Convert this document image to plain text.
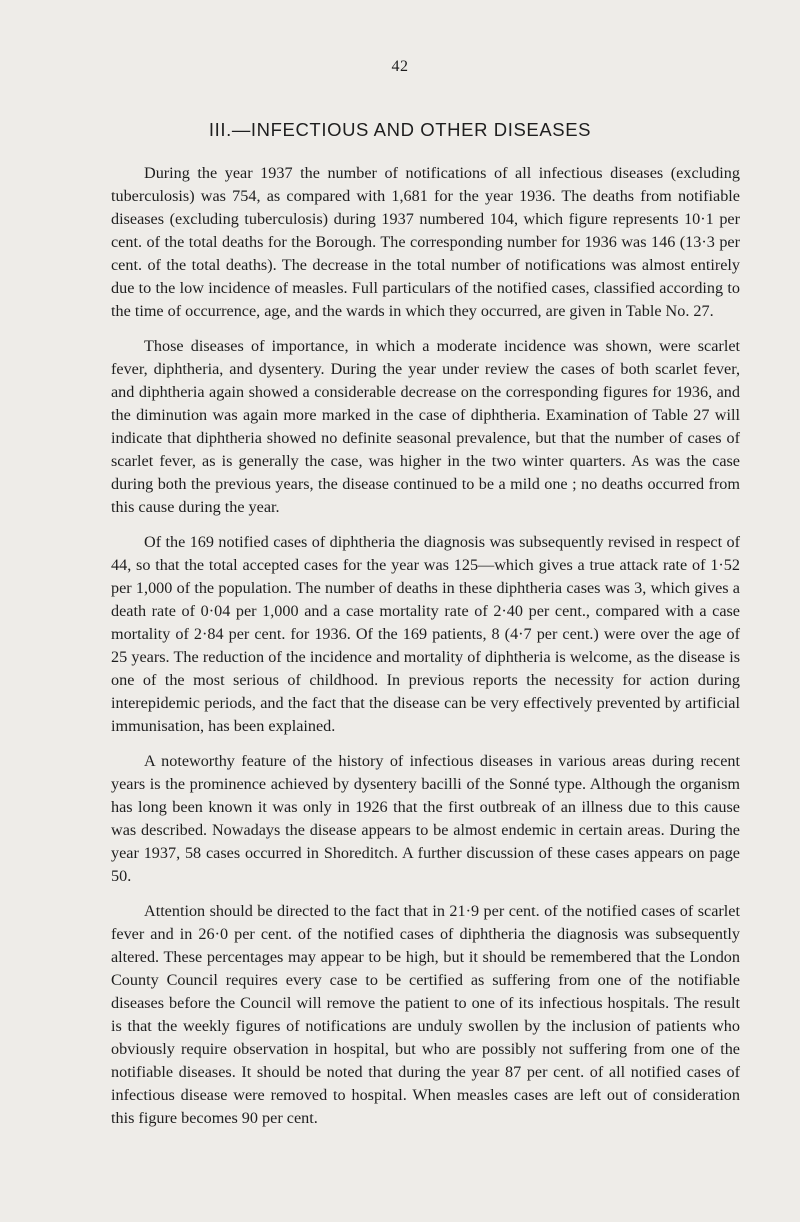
42
III.—INFECTIOUS AND OTHER DISEASES

During the year 1937 the number of notifications of all infectious diseases (excluding tuberculosis) was 754, as compared with 1,681 for the year 1936. The deaths from notifiable diseases (excluding tuberculosis) during 1937 numbered 104, which figure represents 10·1 per cent. of the total deaths for the Borough. The corresponding number for 1936 was 146 (13·3 per cent. of the total deaths). The decrease in the total number of notifications was almost entirely due to the low incidence of measles. Full particulars of the notified cases, classified according to the time of occurrence, age, and the wards in which they occurred, are given in Table No. 27.

Those diseases of importance, in which a moderate incidence was shown, were scarlet fever, diphtheria, and dysentery. During the year under review the cases of both scarlet fever, and diphtheria again showed a considerable decrease on the corresponding figures for 1936, and the diminution was again more marked in the case of diphtheria. Examination of Table 27 will indicate that diphtheria showed no definite seasonal prevalence, but that the number of cases of scarlet fever, as is generally the case, was higher in the two winter quarters. As was the case during both the previous years, the disease continued to be a mild one ; no deaths occurred from this cause during the year.

Of the 169 notified cases of diphtheria the diagnosis was subsequently revised in respect of 44, so that the total accepted cases for the year was 125—which gives a true attack rate of 1·52 per 1,000 of the population. The number of deaths in these diphtheria cases was 3, which gives a death rate of 0·04 per 1,000 and a case mortality rate of 2·40 per cent., compared with a case mortality of 2·84 per cent. for 1936. Of the 169 patients, 8 (4·7 per cent.) were over the age of 25 years. The reduction of the incidence and mortality of diphtheria is welcome, as the disease is one of the most serious of childhood. In previous reports the necessity for action during interepidemic periods, and the fact that the disease can be very effectively prevented by artificial immunisation, has been explained.

A noteworthy feature of the history of infectious diseases in various areas during recent years is the prominence achieved by dysentery bacilli of the Sonné type. Although the organism has long been known it was only in 1926 that the first outbreak of an illness due to this cause was described. Nowadays the disease appears to be almost endemic in certain areas. During the year 1937, 58 cases occurred in Shoreditch. A further discussion of these cases appears on page 50.

Attention should be directed to the fact that in 21·9 per cent. of the notified cases of scarlet fever and in 26·0 per cent. of the notified cases of diphtheria the diagnosis was subsequently altered. These percentages may appear to be high, but it should be remembered that the London County Council requires every case to be certified as suffering from one of the notifiable diseases before the Council will remove the patient to one of its infectious hospitals. The result is that the weekly figures of notifications are unduly swollen by the inclusion of patients who obviously require observation in hospital, but who are possibly not suffering from one of the notifiable diseases. It should be noted that during the year 87 per cent. of all notified cases of infectious disease were removed to hospital. When measles cases are left out of consideration this figure becomes 90 per cent.
